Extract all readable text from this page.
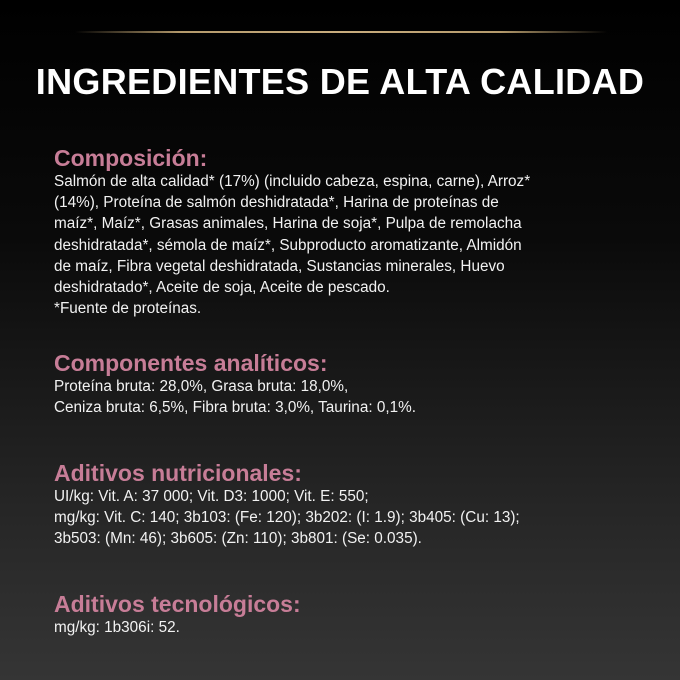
INGREDIENTES DE ALTA CALIDAD
Composición:

Salmón de alta calidad* (17%) (incluido cabeza, espina, carne), Arroz*
(14%), Proteína de salmón deshidratada*, Harina de proteínas de
maíz*, Maíz*, Grasas animales, Harina de soja*, Pulpa de remolacha
deshidratada*, sémola de maíz*, Subproducto aromatizante, Almidón
de maíz, Fibra vegetal deshidratada, Sustancias minerales, Huevo
deshidratado*, Aceite de soja, Aceite de pescado.
*Fuente de proteínas.

Componentes analíticos:

Proteína bruta: 28,0%, Grasa bruta: 18,0%,
Ceniza bruta: 6,5%, Fibra bruta: 3,0%, Taurina: 0,1%.

Aditivos nutricionales:

UI/kg: Vit. A: 37 000; Vit. D3: 1000; Vit. E: 550;
mg/kg: Vit. C: 140; 3b103: (Fe: 120); 3b202: (I: 1.9); 3b405: (Cu: 13);
3b503: (Mn: 46); 3b605: (Zn: 110); 3b801: (Se: 0.035).

Aditivos tecnológicos:

mg/kg: 1b306i: 52.
